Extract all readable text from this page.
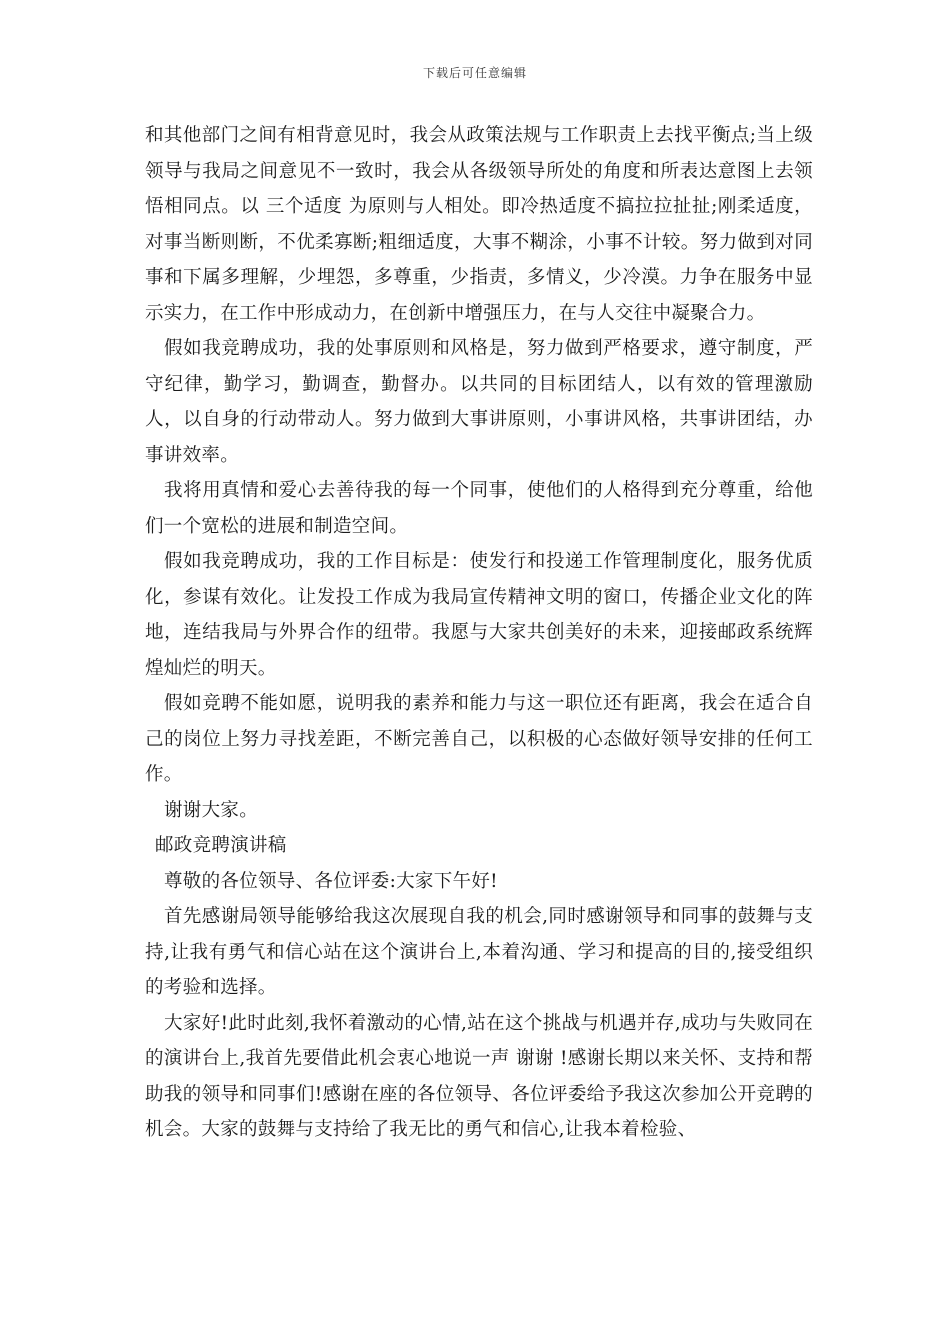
下载后可任意编辑

和其他部门之间有相背意见时，我会从政策法规与工作职责上去找平衡点;当上级领导与我局之间意见不一致时，我会从各级领导所处的角度和所表达意图上去领悟相同点。以 三个适度 为原则与人相处。即冷热适度不搞拉拉扯扯;刚柔适度，对事当断则断，不优柔寡断;粗细适度，大事不糊涂，小事不计较。努力做到对同事和下属多理解，少埋怨，多尊重，少指责，多情义，少冷漠。力争在服务中显示实力，在工作中形成动力，在创新中增强压力，在与人交往中凝聚合力。

假如我竞聘成功，我的处事原则和风格是，努力做到严格要求，遵守制度，严守纪律，勤学习，勤调查，勤督办。以共同的目标团结人，以有效的管理激励人，以自身的行动带动人。努力做到大事讲原则，小事讲风格，共事讲团结，办事讲效率。

我将用真情和爱心去善待我的每一个同事，使他们的人格得到充分尊重，给他们一个宽松的进展和制造空间。

假如我竞聘成功，我的工作目标是：使发行和投递工作管理制度化，服务优质化，参谋有效化。让发投工作成为我局宣传精神文明的窗口，传播企业文化的阵地，连结我局与外界合作的纽带。我愿与大家共创美好的未来，迎接邮政系统辉煌灿烂的明天。

假如竞聘不能如愿，说明我的素养和能力与这一职位还有距离，我会在适合自己的岗位上努力寻找差距，不断完善自己，以积极的心态做好领导安排的任何工作。

谢谢大家。

邮政竞聘演讲稿

尊敬的各位领导、各位评委:大家下午好!

首先感谢局领导能够给我这次展现自我的机会,同时感谢领导和同事的鼓舞与支持,让我有勇气和信心站在这个演讲台上,本着沟通、学习和提高的目的,接受组织的考验和选择。

大家好!此时此刻,我怀着激动的心情,站在这个挑战与机遇并存,成功与失败同在的演讲台上,我首先要借此机会衷心地说一声 谢谢 !感谢长期以来关怀、支持和帮助我的领导和同事们!感谢在座的各位领导、各位评委给予我这次参加公开竞聘的机会。大家的鼓舞与支持给了我无比的勇气和信心,让我本着检验、
